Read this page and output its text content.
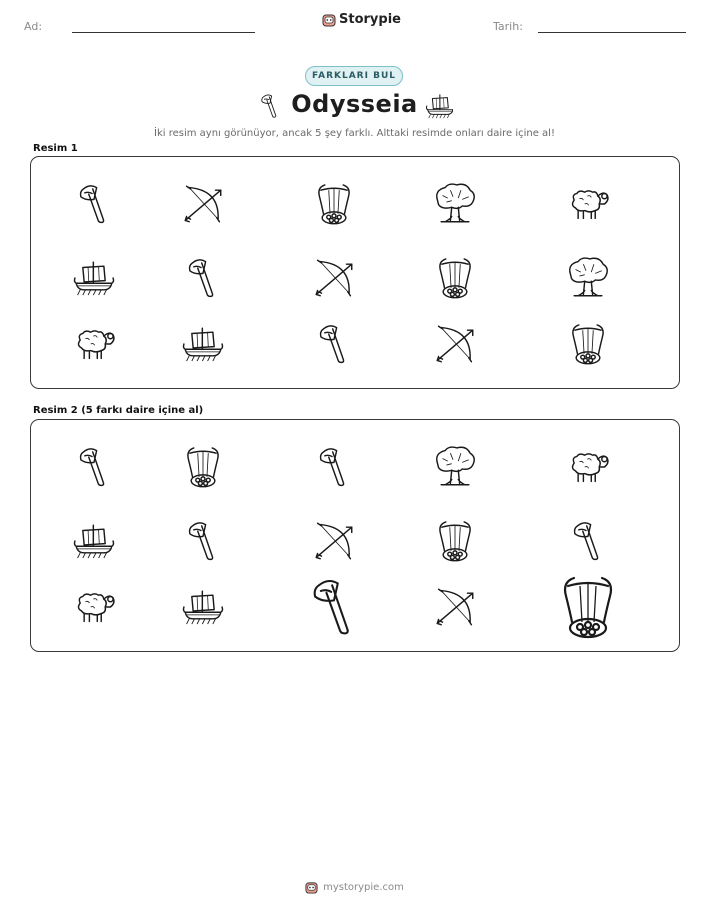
Ad:	Storypie	Tarih:
FARKLARI BUL
Odysseia
İki resim aynı görünüyor, ancak 5 şey farklı. Alttaki resimde onları daire içine al!
Resim 1
Resim 2 (5 farkı daire içine al)
mystorypie.com
